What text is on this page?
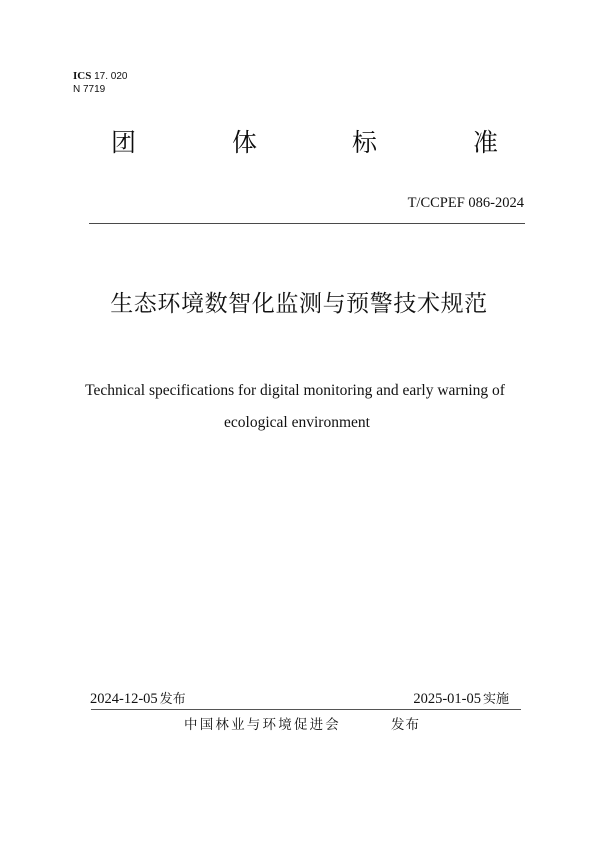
ICS 17. 020
N 7719
团	体	标	准
T/CCPEF 086-2024
生态环境数智化监测与预警技术规范
Technical specifications for digital monitoring and early warning of
ecological environment
2024-12-05 发布	2025-01-05 实施
中国林业与环境促进会	发布
